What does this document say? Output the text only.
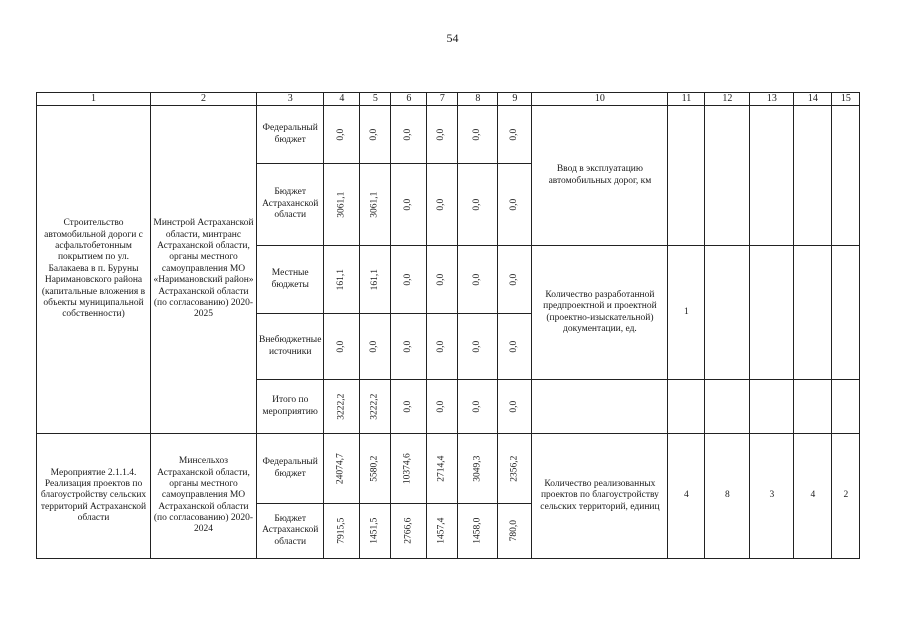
54
1	2	3	4	5	6	7	8	9	10	11	12	13	14	15
Строительство автомобильной дороги с асфальтобетонным покрытием по ул. Балакаева в п. Буруны Наримановского района (капитальные вложения в объекты муниципальной собственности)	Минстрой Астраханской области, минтранс Астраханской области, органы местного самоуправления МО «Наримановский район» Астраханской области (по согласованию) 2020-2025	Федеральный бюджет	0,0	0,0	0,0	0,0	0,0	0,0	Ввод в эксплуатацию автомобильных дорог, км					
		Бюджет Астраханской области	3061,1	3061,1	0,0	0,0	0,0	0,0						
		Местные бюджеты	161,1	161,1	0,0	0,0	0,0	0,0	Количество разработанной предпроектной и проектной (проектно-изыскательной) документации, ед.	1				
		Внебюджетные источники	0,0	0,0	0,0	0,0	0,0	0,0						
		Итого по мероприятию	3222,2	3222,2	0,0	0,0	0,0	0,0						
Мероприятие 2.1.1.4. Реализация проектов по благоустройству сельских территорий Астраханской области	Минсельхоз Астраханской области, органы местного самоуправления МО Астраханской области (по согласованию) 2020-2024	Федеральный бюджет	24074,7	5580,2	10374,6	2714,4	3049,3	2356,2	Количество реализованных проектов по благоустройству сельских территорий, единиц	4	8	3	4	2
		Бюджет Астраханской области	7915,5	1451,5	2766,6	1457,4	1458,0	780,0						
